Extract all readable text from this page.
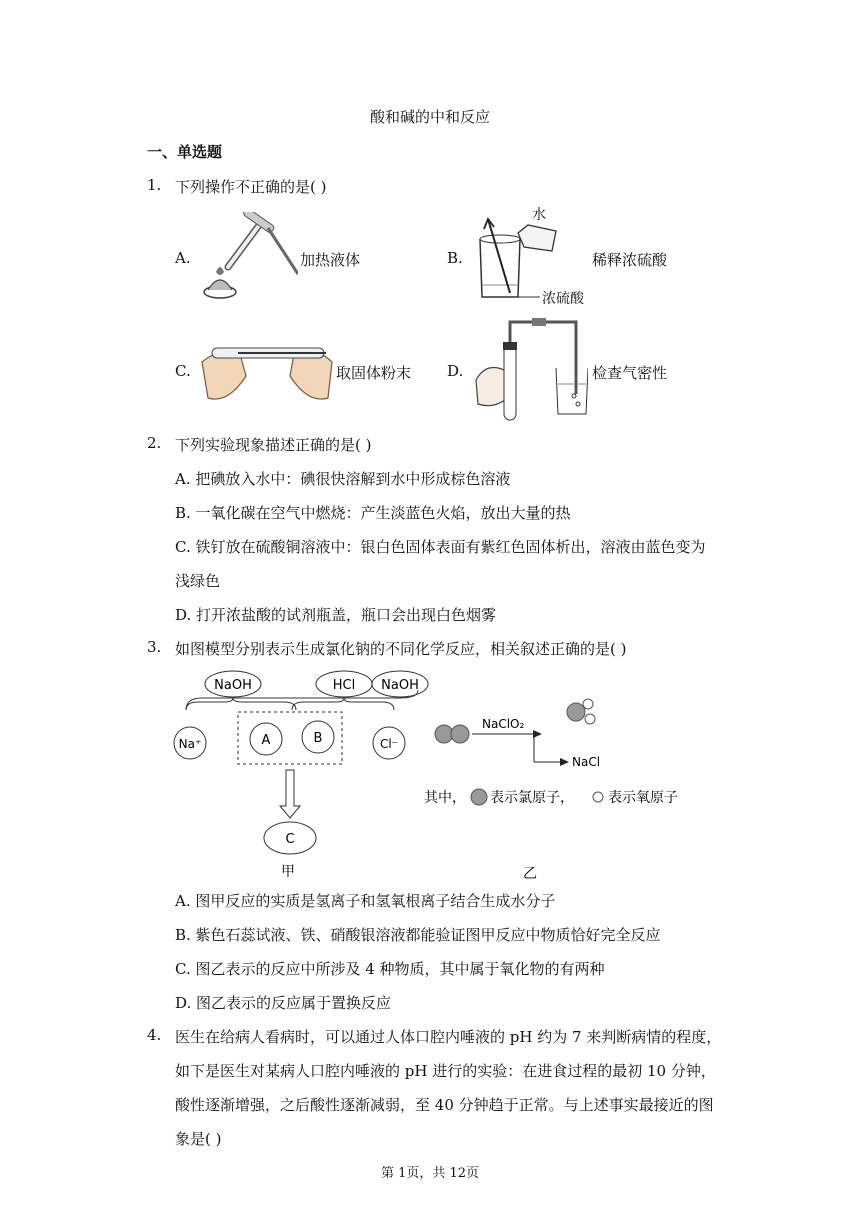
酸和碱的中和反应
一、单选题
1. 下列操作不正确的是( )
A.	加热液体	B.
水
浓硫酸
稀释浓硫酸
C.	取固体粉末 D.	检查气密性
2. 下列实验现象描述正确的是( )
A. 把碘放入水中：碘很快溶解到水中形成棕色溶液
B. 一氧化碳在空气中燃烧：产生淡蓝色火焰，放出大量的热
C. 铁钉放在硫酸铜溶液中：银白色固体表面有紫红色固体析出，溶液由蓝色变为
浅绿色
D. 打开浓盐酸的试剂瓶盖，瓶口会出现白色烟雾
3. 如图模型分别表示生成氯化钠的不同化学反应，相关叙述正确的是( )
NaOH
NaOH	HCl
Na⁺	A	B	Cl⁻
C
甲
NaClO₂
NaCl
其中， 表示氯原子， 表示氧原子
乙
A. 图甲反应的实质是氢离子和氢氧根离子结合生成水分子
B. 紫色石蕊试液、铁、硝酸银溶液都能验证图甲反应中物质恰好完全反应
C. 图乙表示的反应中所涉及 4 种物质，其中属于氧化物的有两种
D. 图乙表示的反应属于置换反应
4. 医生在给病人看病时，可以通过人体口腔内唾液的 pH 约为 7 来判断病情的程度，
如下是医生对某病人口腔内唾液的 pH 进行的实验：在进食过程的最初 10 分钟，
酸性逐渐增强，之后酸性逐渐减弱，至 40 分钟趋于正常。与上述事实最接近的图
象是( )
第 1页，共 12页
